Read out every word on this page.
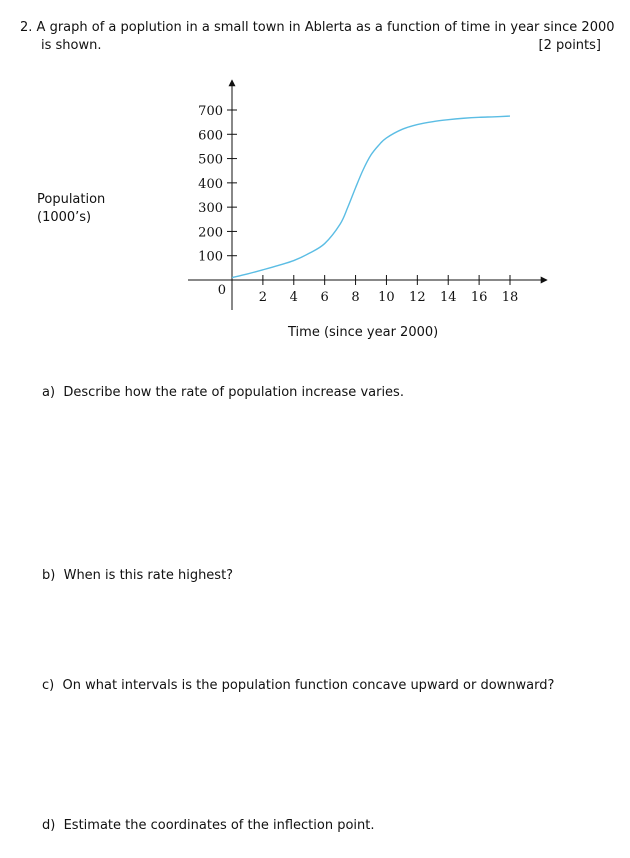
2. A graph of a poplution in a small town in Ablerta as a function of time in year since 2000
is shown.	[2 points]
Population
(1000’s)
Time (since year 2000)
0	2 4 6 8 10 12 14 16 18
100
200
300
400
500
600
700
a) Describe how the rate of population increase varies.
b) When is this rate highest?
c) On what intervals is the population function concave upward or downward?
d) Estimate the coordinates of the inflection point.
